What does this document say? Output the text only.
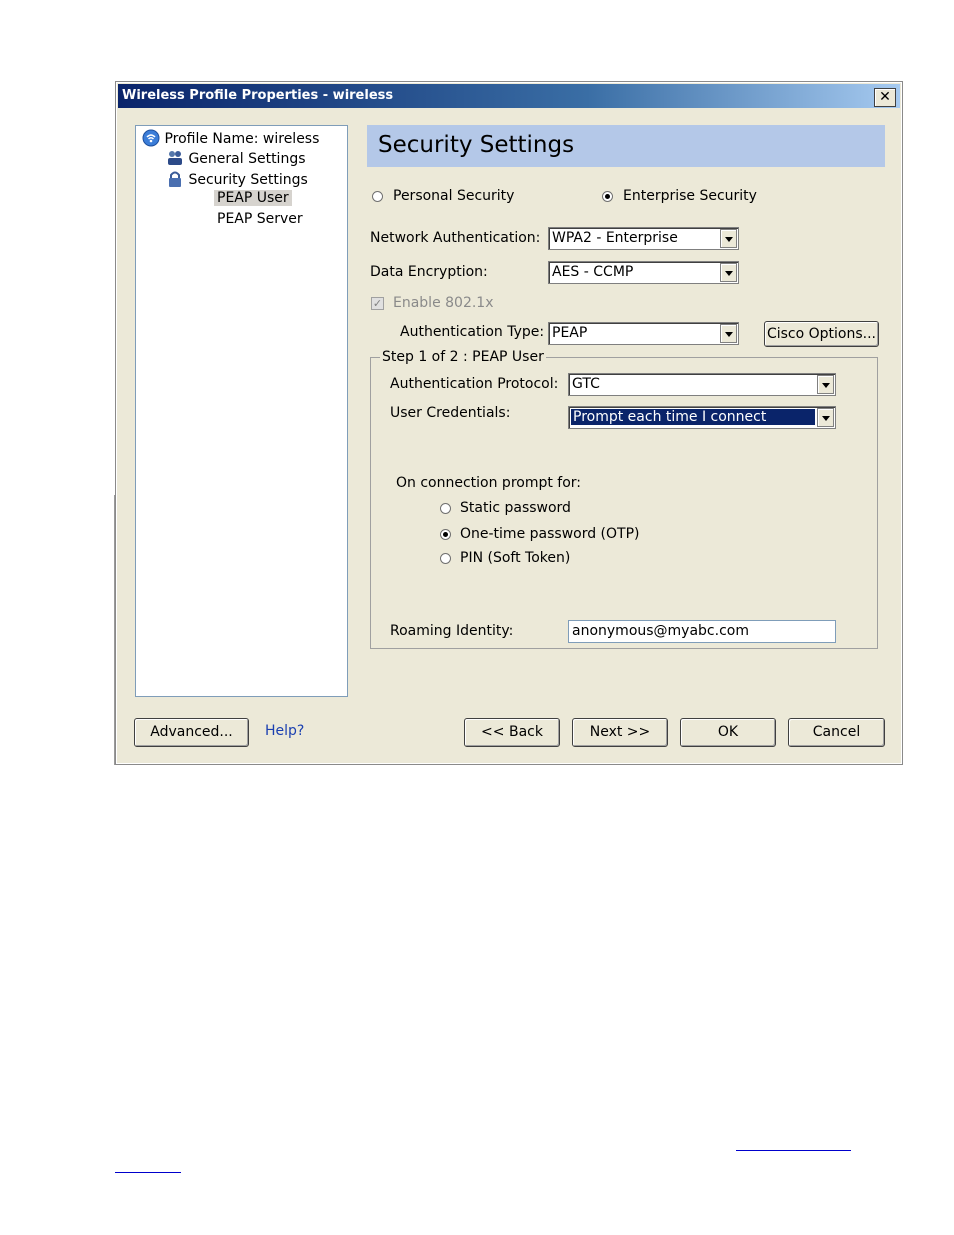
Wireless Profile Properties - wireless	✕
Profile Name: wireless
General Settings
Security Settings
PEAP User
PEAP Server
Security Settings
Personal Security	Enterprise Security
Network Authentication: WPA2 - Enterprise
Data Encryption:	AES - CCMP
✓ Enable 802.1x
Authentication Type: PEAP	Cisco Options...
Step 1 of 2 : PEAP User
Authentication Protocol: GTC
User Credentials:	Prompt each time I connect
On connection prompt for:
Static password
One-time password (OTP)
PIN (Soft Token)
Roaming Identity:	anonymous@myabc.com
Advanced...	Help?	<< Back	Next >>	OK	Cancel
